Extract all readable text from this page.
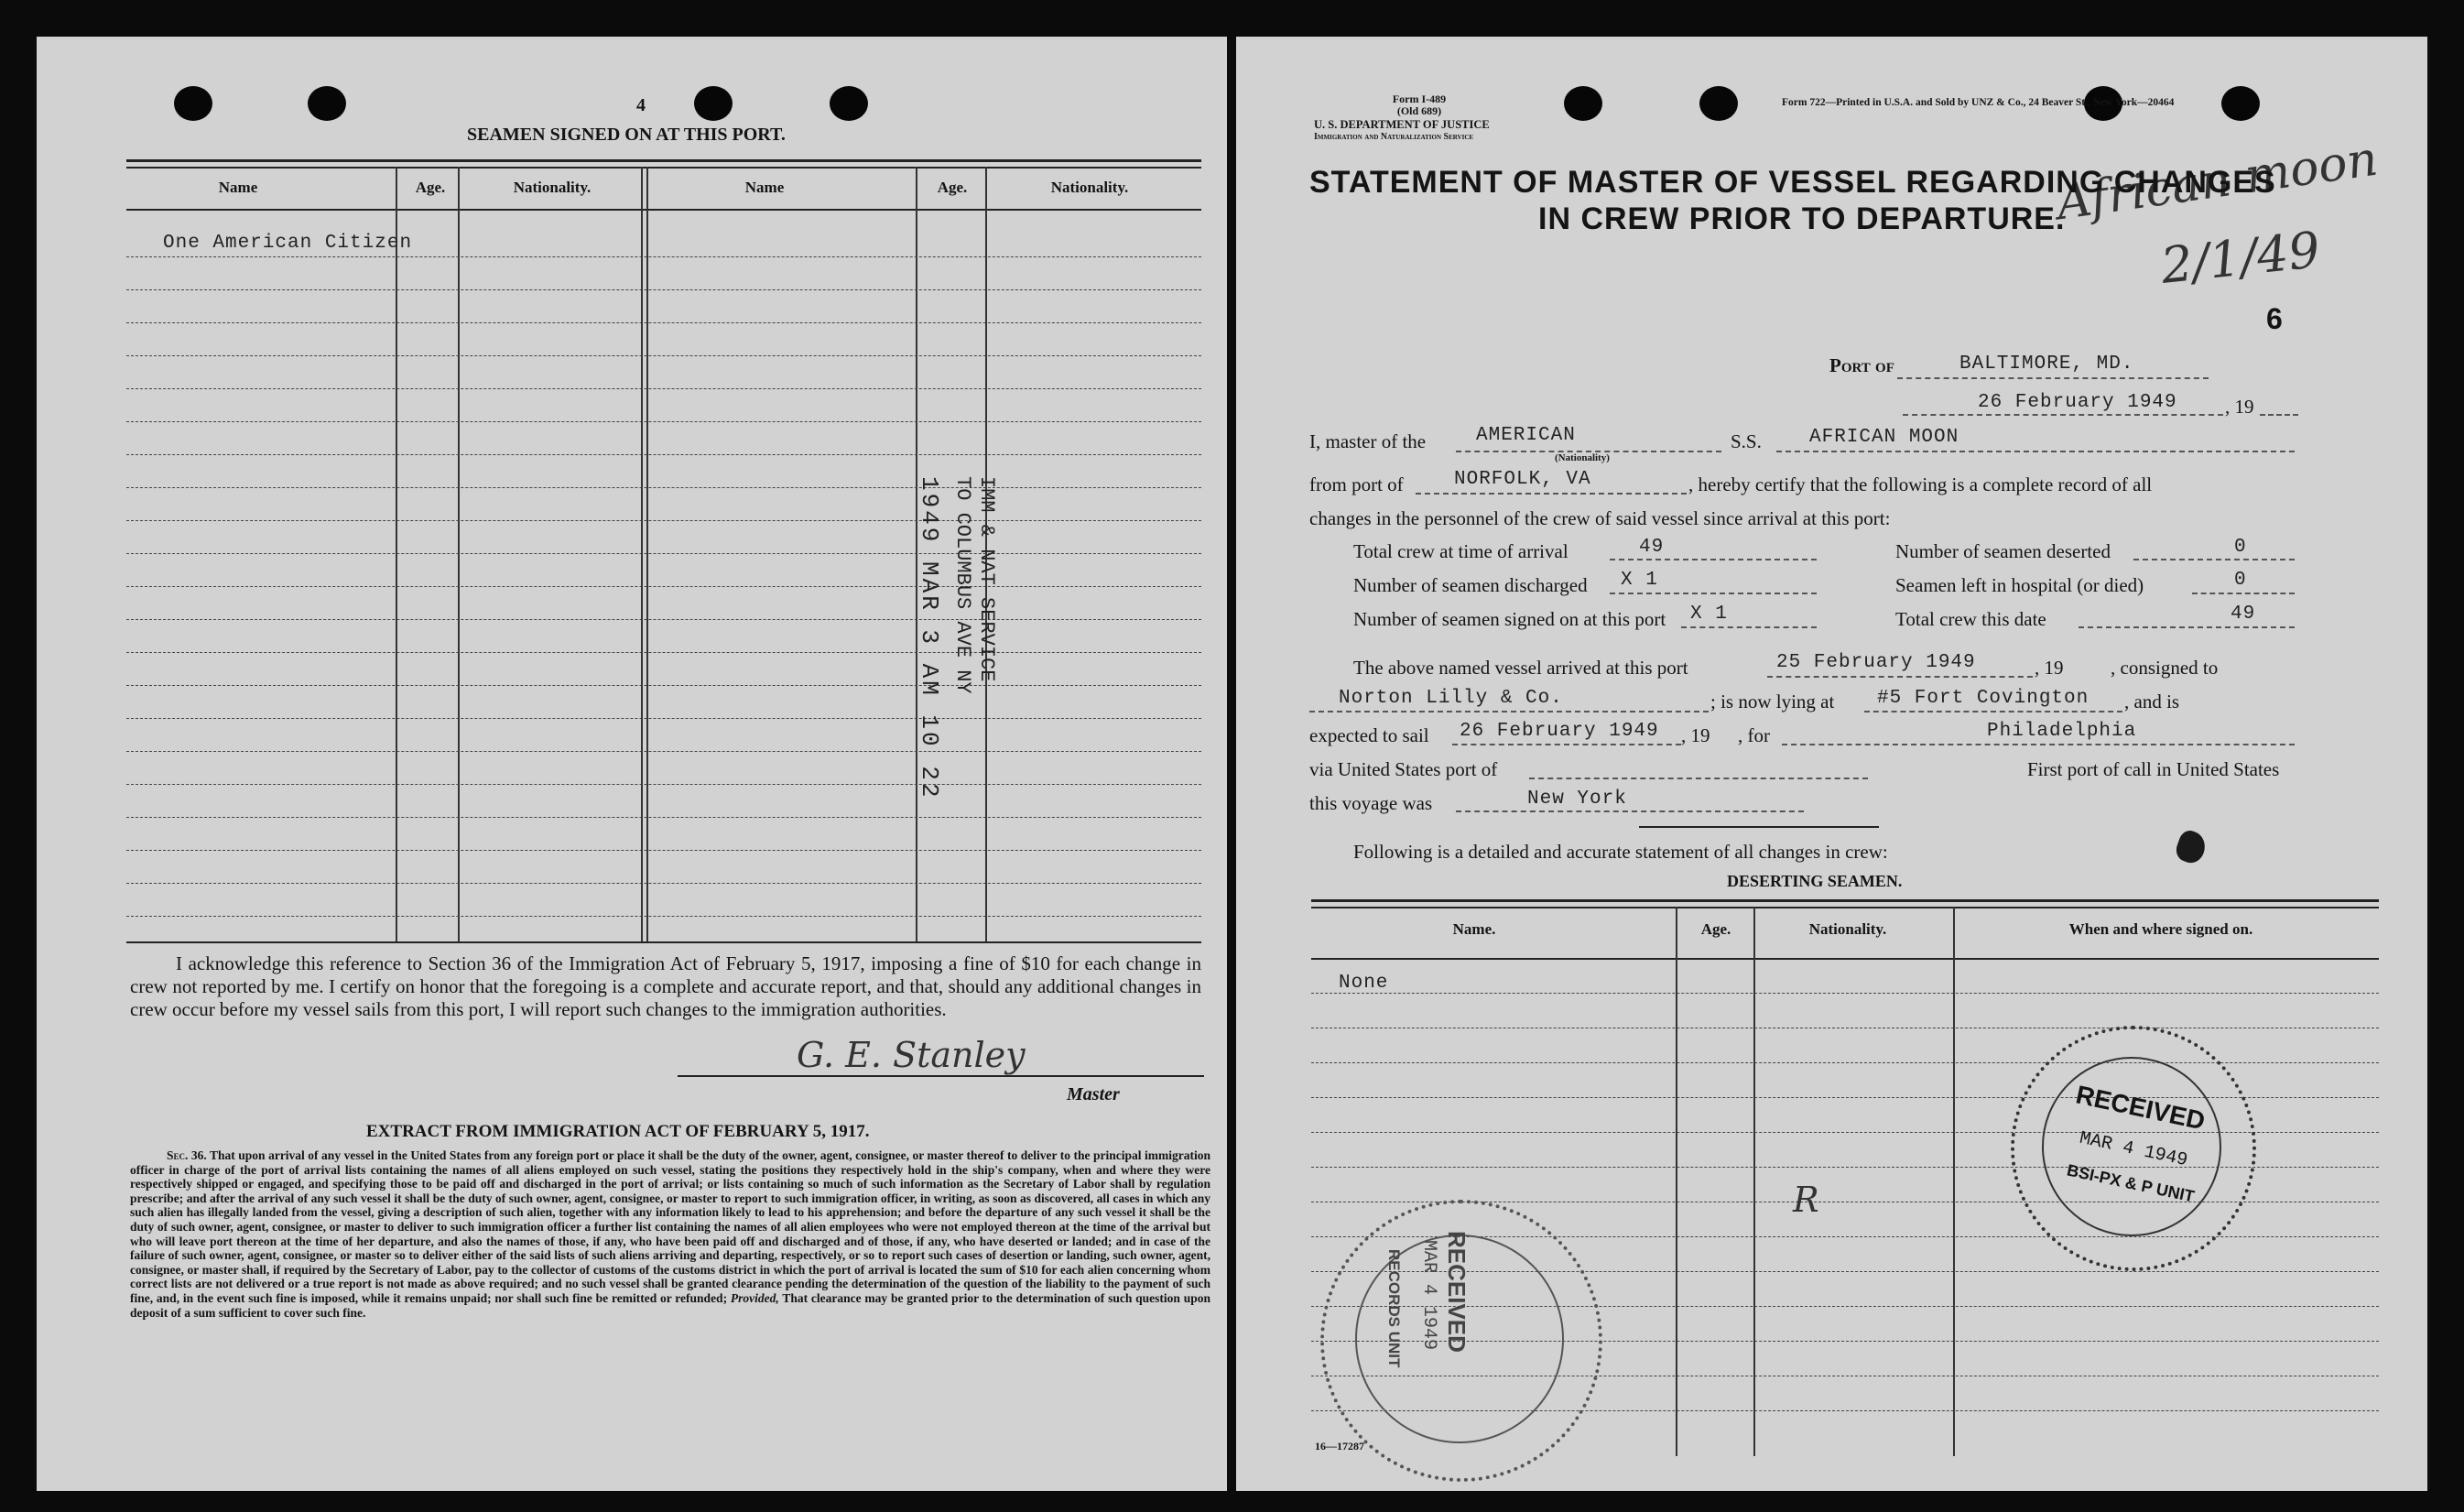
4
SEAMEN SIGNED ON AT THIS PORT.
Name	Age.	Nationality.	Name	Age.	Nationality.
One American Citizen
IMM & NAT SERVICE
TO COLUMBUS AVE NY
1949 MAR 3 AM 10 22
I acknowledge this reference to Section 36 of the Immigration Act of February 5, 1917, imposing a fine of $10 for each change in crew not reported by me. I certify on honor that the foregoing is a complete and accurate report, and that, should any additional changes in crew occur before my vessel sails from this port, I will report such changes to the immigration authorities.
G. E. Stanley
Master
EXTRACT FROM IMMIGRATION ACT OF FEBRUARY 5, 1917.
Sec. 36. That upon arrival of any vessel in the United States from any foreign port or place it shall be the duty of the owner, agent, consignee, or master thereof to deliver to the principal immigration officer in charge of the port of arrival lists containing the names of all aliens employed on such vessel, stating the positions they respectively hold in the ship's company, when and where they were respectively shipped or engaged, and specifying those to be paid off and discharged in the port of arrival; or lists containing so much of such information as the Secretary of Labor shall by regulation prescribe; and after the arrival of any such vessel it shall be the duty of such owner, agent, consignee, or master to report to such immigration officer, in writing, as soon as discovered, all cases in which any such alien has illegally landed from the vessel, giving a description of such alien, together with any information likely to lead to his apprehension; and before the departure of any such vessel it shall be the duty of such owner, agent, consignee, or master to deliver to such immigration officer a further list containing the names of all alien employees who were not employed thereon at the time of the arrival but who will leave port thereon at the time of her departure, and also the names of those, if any, who have been paid off and discharged and of those, if any, who have deserted or landed; and in case of the failure of such owner, agent, consignee, or master so to deliver either of the said lists of such aliens arriving and departing, respectively, or so to report such cases of desertion or landing, such owner, agent, consignee, or master shall, if required by the Secretary of Labor, pay to the collector of customs of the customs district in which the port of arrival is located the sum of $10 for each alien concerning whom correct lists are not delivered or a true report is not made as above required; and no such vessel shall be granted clearance pending the determination of the question of the liability to the payment of such fine, and, in the event such fine is imposed, while it remains unpaid; nor shall such fine be remitted or refunded; Provided, That clearance may be granted prior to the determination of such question upon deposit of a sum sufficient to cover such fine.
Form I-489
(Old 689)
U. S. DEPARTMENT OF JUSTICE
Immigration and Naturalization Service
Form 722—Printed in U.S.A. and Sold by UNZ & Co., 24 Beaver St., New York—20464
African moon
STATEMENT OF MASTER OF VESSEL REGARDING CHANGES
IN CREW PRIOR TO DEPARTURE.
2/1/49
6
Port of	BALTIMORE, MD.
26 February 1949 , 19
I, master of the	AMERICAN
(Nationality)
S.S. AFRICAN MOON
from port of	NORFOLK, VA	, hereby certify that the following is a complete record of all
changes in the personnel of the crew of said vessel since arrival at this port:
Total crew at time of arrival	49	Number of seamen deserted	0
Number of seamen discharged X 1	Seamen left in hospital (or died)	0
Number of seamen signed on at this port X 1	Total crew this date	49
The above named vessel arrived at this port	25 February 1949	, 19 , consigned to
Norton Lilly & Co.	; is now lying at #5 Fort Covington , and is
expected to sail 26 February 1949 , 19 , for	Philadelphia
via United States port of	First port of call in United States
this voyage was	New York
Following is a detailed and accurate statement of all changes in crew:
DESERTING SEAMEN.
Name.	Age.	Nationality.	When and where signed on.
None
R
RECEIVED
MAR 4 1949
BSI-PX & P UNIT
RECEIVED
MAR 4 1949
RECORDS UNIT
16—17287
